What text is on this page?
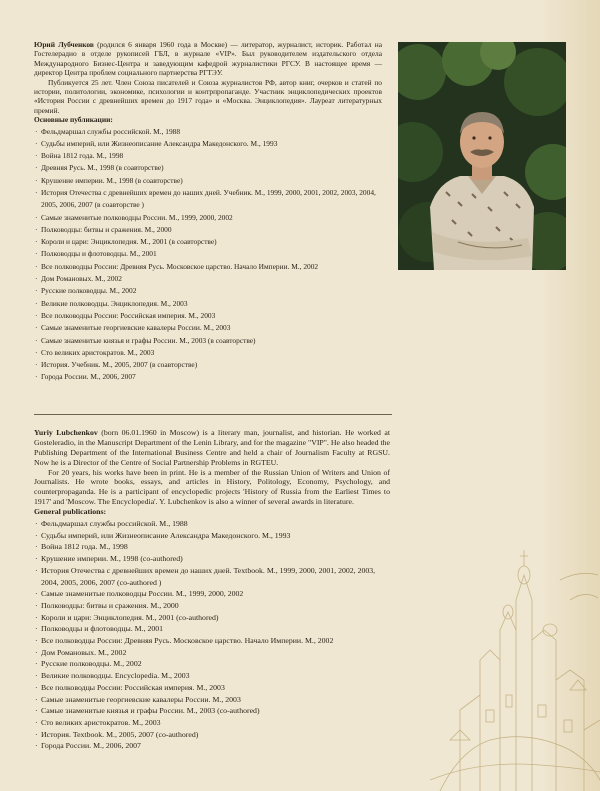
Юрий Лубченков (родился 6 января 1960 года в Москве) — литератор, журналист, историк. Работал на Гостелерадио в отделе рукописей ГБЛ, в журнале «VIP». Был руководителем издательского отдела Международного Бизнес-Центра и заведующим кафедрой журналистики РГСУ. В настоящее время — директор Центра проблем социального партнерства РГТЭУ.

Публикуется 25 лет. Член Союза писателей и Союза журналистов РФ, автор книг, очерков и статей по истории, политологии, экономике, психологии и контрпропаганде. Участник энциклопедических проектов «История России с древнейших времен до 1917 года» и «Москва. Энциклопедия». Лауреат литературных премий.

Основные публикации:

· Фельдмаршал службы российской. М., 1988
· Судьбы империй, или Жизнеописание Александра Македонского. М., 1993
· Война 1812 года. М., 1998
· Древняя Русь. М., 1998 (в соавторстве)
· Крушение империи. М., 1998 (в соавторстве)
· История Отечества с древнейших времен до наших дней. Учебник. М., 1999, 2000, 2001, 2002, 2003, 2004, 2005, 2006, 2007 (в соавторстве )
· Самые знаменитые полководцы России. М., 1999, 2000, 2002
· Полководцы: битвы и сражения. М., 2000
· Короли и цари: Энциклопедия. М., 2001 (в соавторстве)
· Полководцы и флотоводцы. М., 2001
· Все полководцы России: Древняя Русь. Московское царство. Начало Империи. М., 2002
· Дом Романовых. М., 2002
· Русские полководцы. М., 2002
· Великие полководцы. Энциклопедия. М., 2003
· Все полководцы России: Российская империя. М., 2003
· Самые знаменитые георгиевские кавалеры России. М., 2003
· Самые знаменитые князья и графы России. М., 2003 (в соавторстве)
· Сто великих аристократов. М., 2003
· История. Учебник. М., 2005, 2007 (в соавторстве)
· Города России. М., 2006, 2007

Yuriy Lubchenkov (born 06.01.1960 in Moscow) is a literary man, journalist, and historian. He worked at Gostelеradio, in the Manuscript Department of the Lenin Library, and for the magazine "VIP". He also headed the Publishing Department of the International Business Centre and held a chair of Journalism Faculty at RGSU. Now he is a Director of the Centre of Social Partnership Problems in RGTEU.

For 20 years, his works have been in print. He is a member of the Russian Union of Writers and Union of Journalists. He wrote books, essays, and articles in History, Politology, Economy, Psychology, and counterpropaganda. He is a participant of encyclopedic projects 'History of Russia from the Earliest Times to 1917' and 'Moscow. The Encyclopedia'. Y. Lubchenkov is also a winner of several awards in literature.

General publications:

· Фельдмаршал службы российской. М., 1988
· Судьбы империй, или Жизнеописание Александра Македонского. М., 1993
· Война 1812 года. М., 1998
· Крушение империи. М., 1998 (co-authored)
· История Отечества с древнейших времен до наших дней. Textbook. М., 1999, 2000, 2001, 2002, 2003, 2004, 2005, 2006, 2007 (co-authored )
· Самые знаменитые полководцы России. М., 1999, 2000, 2002
· Полководцы: битвы и сражения. М., 2000
· Короли и цари: Энциклопедия. М., 2001 (co-authored)
· Полководцы и флотоводцы. М., 2001
· Все полководцы России: Древняя Русь. Московское царство. Начало Империи. М., 2002
· Дом Романовых. М., 2002
· Русские полководцы. М., 2002
· Великие полководцы. Encyclopedia. М., 2003
· Все полководцы России: Российская империя. М., 2003
· Самые знаменитые георгиевские кавалеры России. М., 2003
· Самые знаменитые князья и графы России. М., 2003 (co-authored)
· Сто великих аристократов. М., 2003
· История. Textbook. М., 2005, 2007 (co-authored)
· Города России. М., 2006, 2007
